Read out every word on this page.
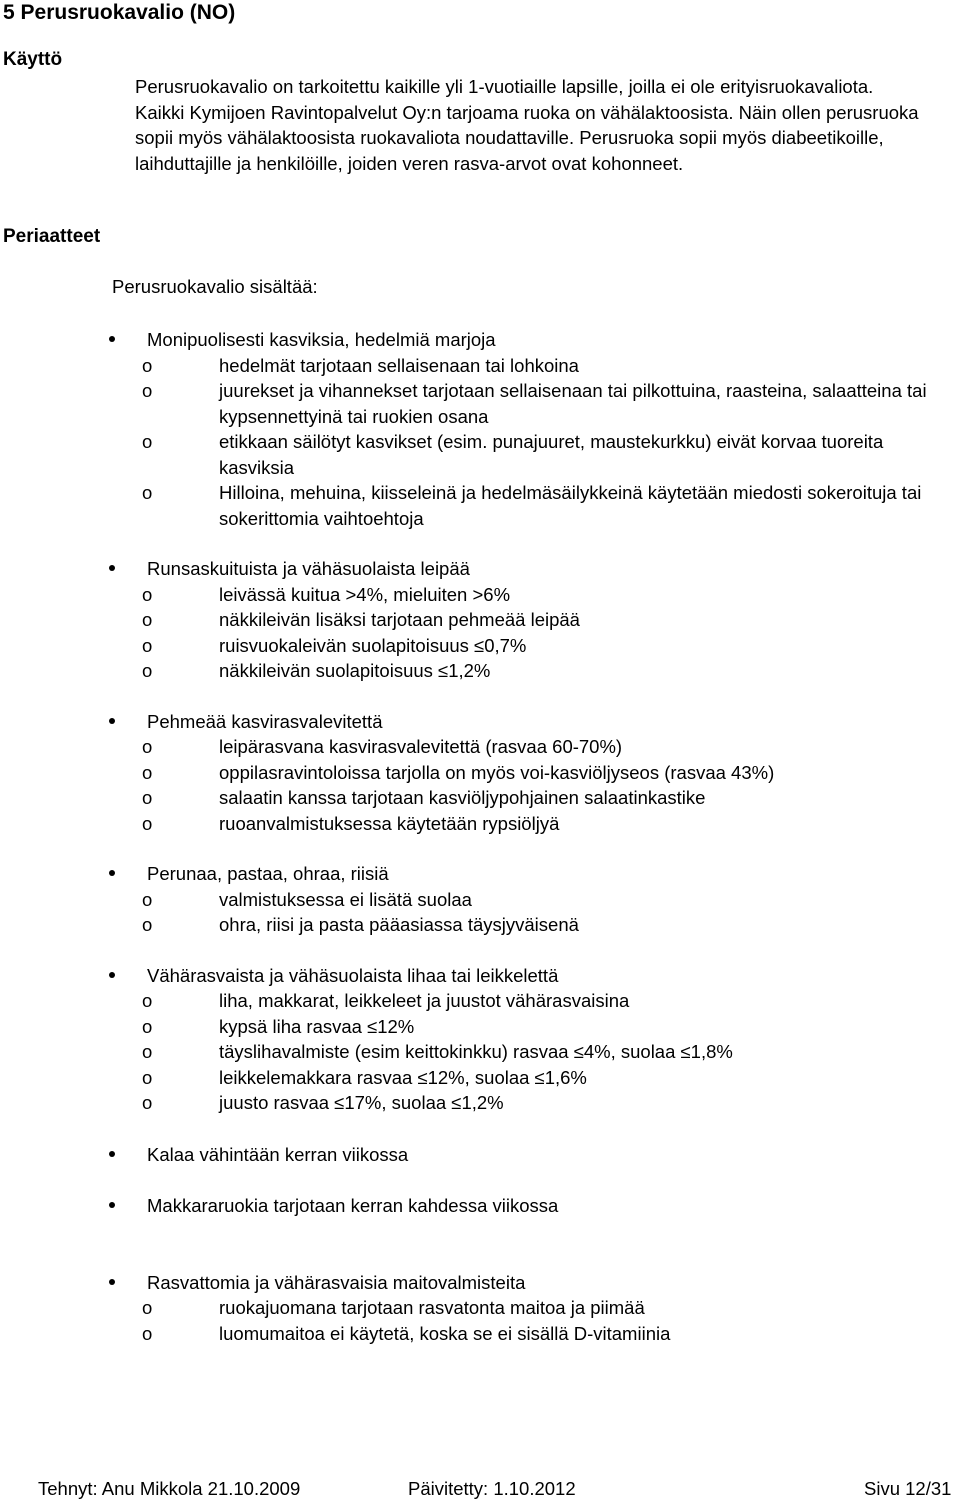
5 Perusruokavalio (NO)
Käyttö
Perusruokavalio on tarkoitettu kaikille yli 1-vuotiaille lapsille, joilla ei ole erityisruokavaliota. Kaikki Kymijoen Ravintopalvelut Oy:n tarjoama ruoka on vähälaktoosista. Näin ollen perusruoka sopii myös vähälaktoosista ruokavaliota noudattaville. Perusruoka sopii myös diabeetikoille, laihduttajille ja henkilöille, joiden veren rasva-arvot ovat kohonneet.
Periaatteet
Perusruokavalio sisältää:
Monipuolisesti kasviksia, hedelmiä marjoja
o	hedelmät tarjotaan sellaisenaan tai lohkoina
o	juurekset ja vihannekset tarjotaan sellaisenaan tai pilkottuina, raasteina, salaatteina tai kypsennettyinä tai ruokien osana
o	etikkaan säilötyt kasvikset (esim. punajuuret, maustekurkku) eivät korvaa tuoreita kasviksia
o	Hilloina, mehuina, kiisseleinä ja hedelmäsäilykkeinä käytetään miedosti sokeroituja tai sokerittomia vaihtoehtoja
Runsaskuituista ja vähäsuolaista leipää
o	leivässä kuitua >4%, mieluiten >6%
o	näkkileivän lisäksi tarjotaan pehmeää leipää
o	ruisvuokaleivän suolapitoisuus ≤0,7%
o	näkkileivän suolapitoisuus ≤1,2%
Pehmeää kasvirasvalevitettä
o	leipärasvana kasvirasvalevitettä (rasvaa 60-70%)
o	oppilasravintoloissa tarjolla on myös voi-kasviöljyseos (rasvaa 43%)
o	salaatin kanssa tarjotaan kasviöljypohjainen salaatinkastike
o	ruoanvalmistuksessa käytetään rypsiöljyä
Perunaa, pastaa, ohraa, riisiä
o	valmistuksessa ei lisätä suolaa
o	ohra, riisi ja pasta pääasiassa täysjyväisenä
Vähärasvaista ja vähäsuolaista lihaa tai leikkelettä
o	liha, makkarat, leikkeleet ja juustot vähärasvaisina
o	kypsä liha rasvaa ≤12%
o	täyslihavalmiste (esim keittokinkku) rasvaa ≤4%, suolaa ≤1,8%
o	leikkelemakkara rasvaa ≤12%, suolaa ≤1,6%
o	juusto rasvaa ≤17%, suolaa ≤1,2%
Kalaa vähintään kerran viikossa
Makkararuokia tarjotaan kerran kahdessa viikossa
Rasvattomia ja vähärasvaisia maitovalmisteita
o	ruokajuomana tarjotaan rasvatonta maitoa ja piimää
o	luomumaitoa ei käytetä, koska se ei sisällä D-vitamiinia
Tehnyt: Anu Mikkola 21.10.2009	Päivitetty: 1.10.2012	Sivu 12/31
